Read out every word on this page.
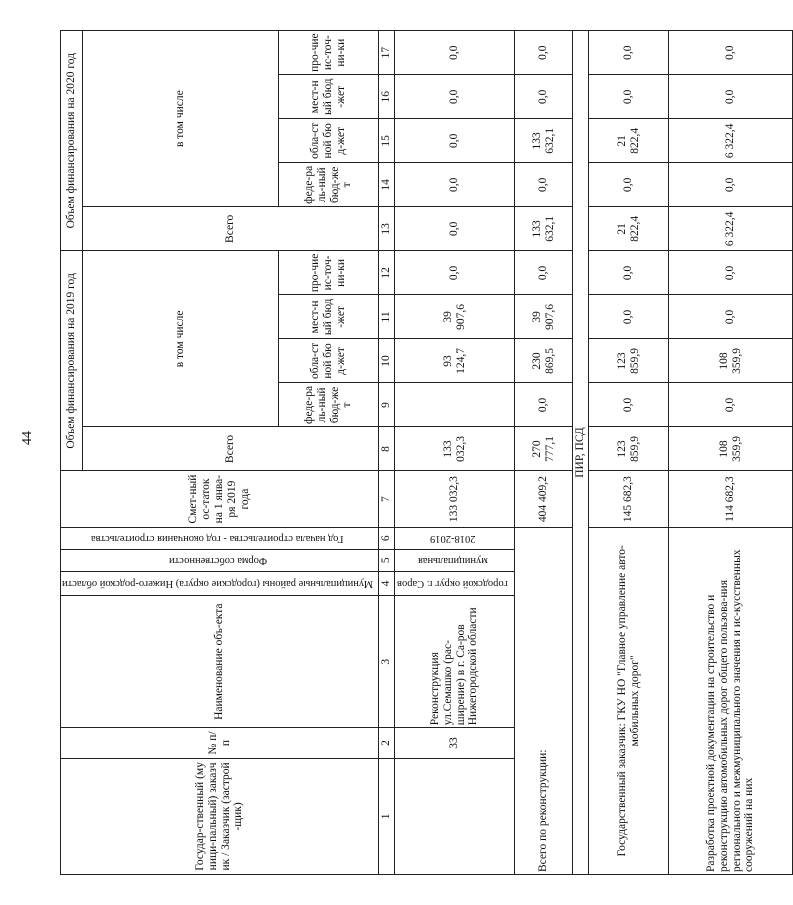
44
Государ-ственный (муници-пальный) заказчик / Заказчик (застрой-щик)	№ п/п	Наименование объ-екта	Муниципальные районы (городские округа) Нижего-родской области	Форма собственности	Год начала строительства - год окончания строительства	Смет-ный ос-таток на 1 янва-ря 2019 года	Объем финансирования на 2019 год					Объем финансирования на 2020 год				
							Всего	в том числе				Всего	в том числе			
								феде-раль-ный бюд-жет	обла-стной бюд-жет	мест-ный бюд-жет	про-чие ис-точ-ни-ки		феде-раль-ный бюд-жет	обла-стной бюд-жет	мест-ный бюд-жет	про-чие ис-точ-ни-ки
1	2	3	4	5	6	7	8	9	10	11	12	13	14	15	16	17
	33	Реконструкция ул.Семашко (рас-ширение) в г. Са-ров Нижегородской области	городской округ г. Саров	муниципальная	2018-2019	133 032,3	133 032,3		93 124,7	39 907,6	0,0	0,0	0,0	0,0	0,0	0,0
Всего по реконструкции:						404 409,2	270 777,1	0,0	230 869,5	39 907,6	0,0	133 632,1	0,0	133 632,1	0,0	0,0
ПИР, ПСД																
Государственный заказчик: ГКУ НО "Главное управление авто-мобильных дорог"						145 682,3	123 859,9	0,0	123 859,9	0,0	0,0	21 822,4	0,0	21 822,4	0,0	0,0
Разработка проектной документации на строительство и реконструкцию автомобильных дорог общего пользова-ния регионального и межмуниципального значения и ис-кусственных сооружений на них						114 682,3	108 359,9	0,0	108 359,9	0,0	0,0	6 322,4	0,0	6 322,4	0,0	0,0
